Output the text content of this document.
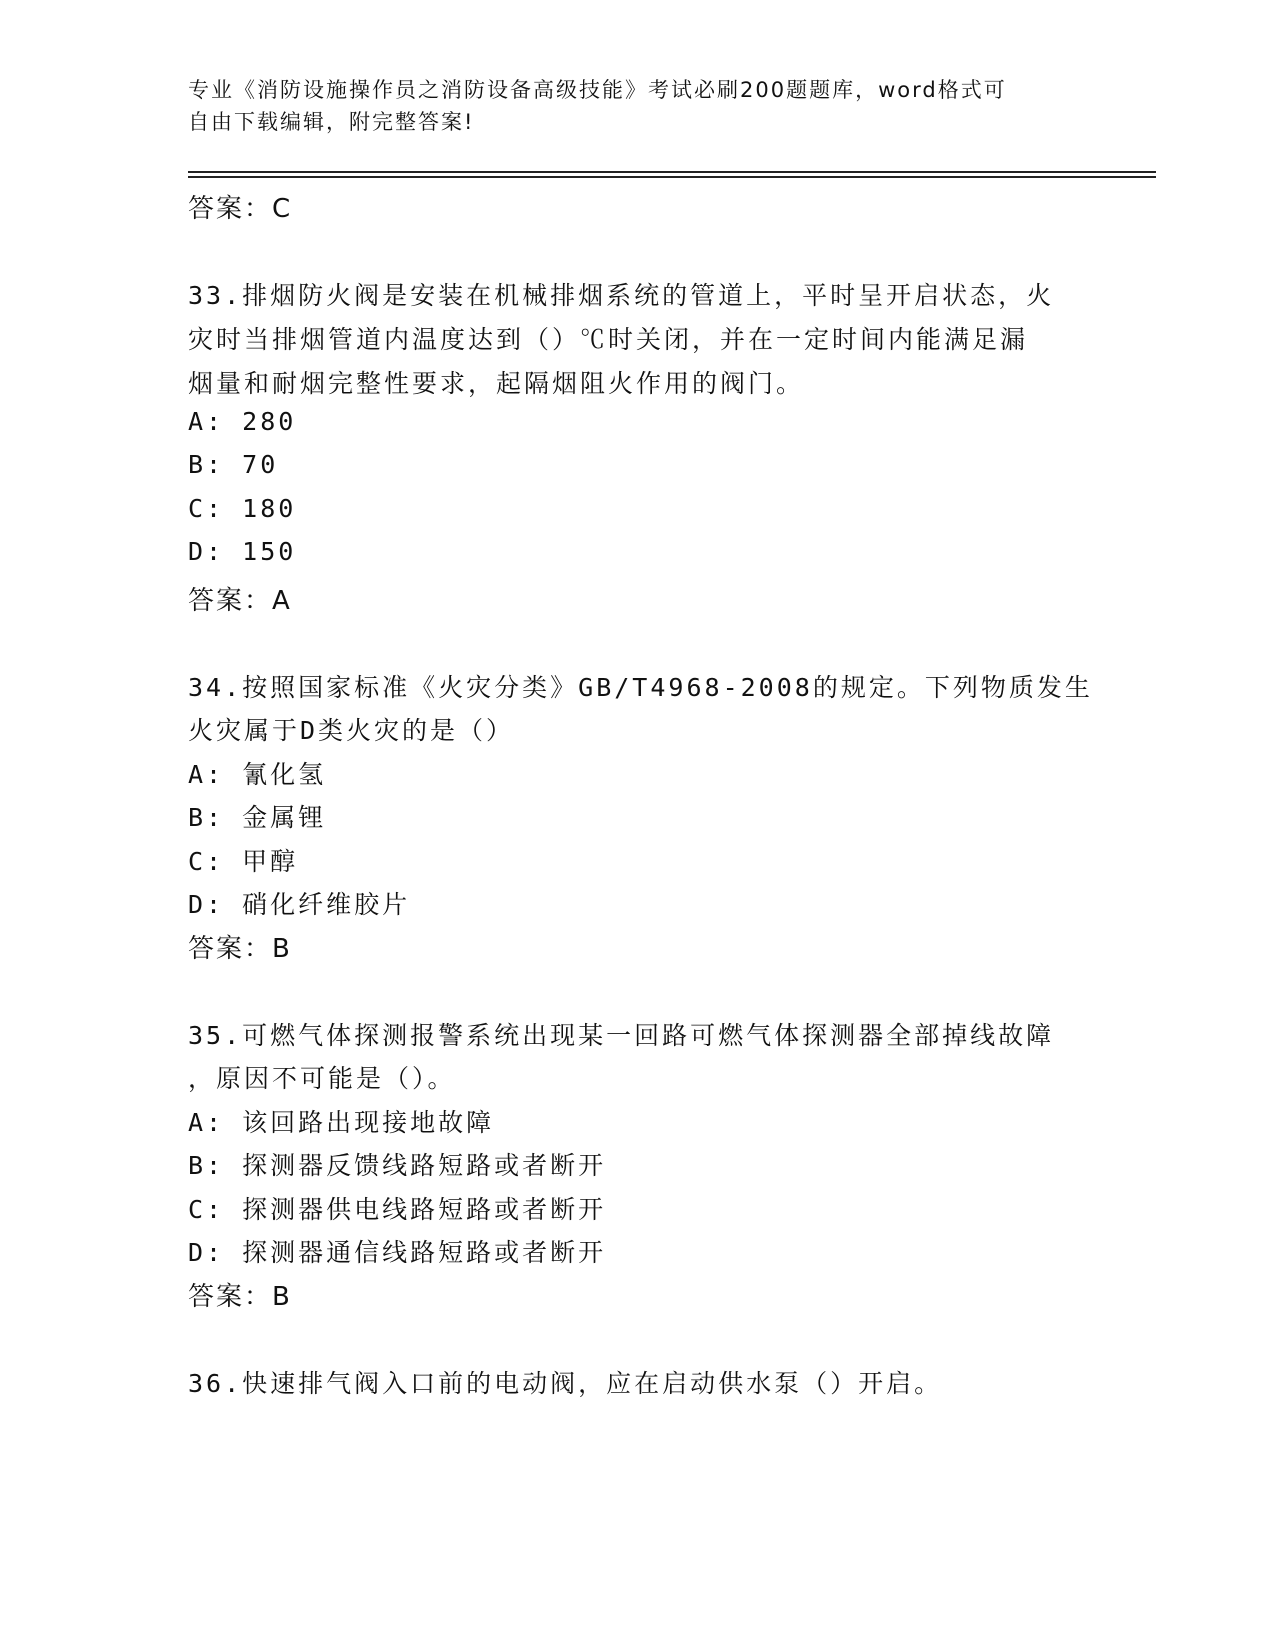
专业《消防设施操作员之消防设备高级技能》考试必刷200题题库，word格式可
自由下载编辑，附完整答案!
答案：C
33.排烟防火阀是安装在机械排烟系统的管道上，平时呈开启状态，火
灾时当排烟管道内温度达到（）℃时关闭，并在一定时间内能满足漏
烟量和耐烟完整性要求，起隔烟阻火作用的阀门。
A: 280
B: 70
C: 180
D: 150
答案：A
34.按照国家标准《火灾分类》GB/T4968-2008的规定。下列物质发生
火灾属于D类火灾的是（）
A: 氰化氢
B: 金属锂
C: 甲醇
D: 硝化纤维胶片
答案：B
35.可燃气体探测报警系统出现某一回路可燃气体探测器全部掉线故障
，原因不可能是（）。
A: 该回路出现接地故障
B: 探测器反馈线路短路或者断开
C: 探测器供电线路短路或者断开
D: 探测器通信线路短路或者断开
答案：B
36.快速排气阀入口前的电动阀，应在启动供水泵（）开启。
